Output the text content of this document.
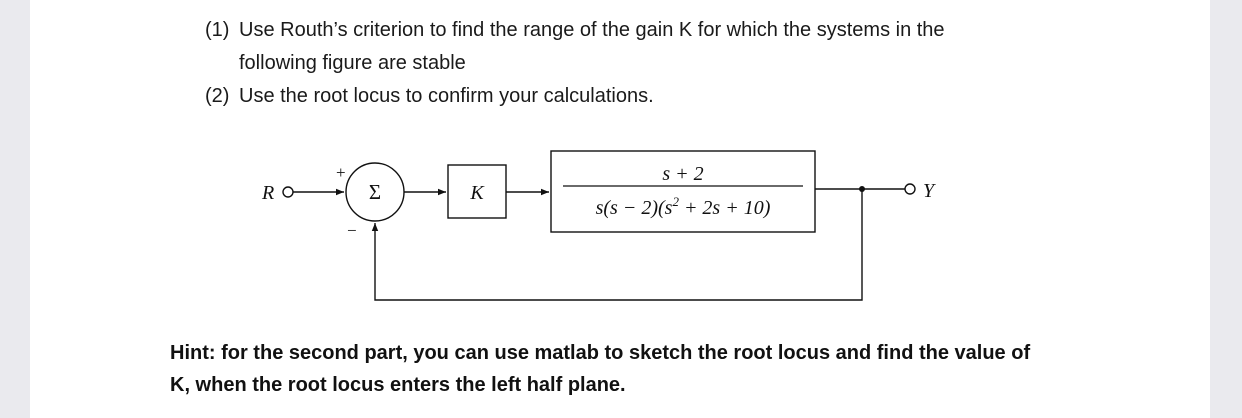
(1) Use Routh’s criterion to find the range of the gain K for which the systems in the
following figure are stable
(2) Use the root locus to confirm your calculations.
R	Σ
+
−
K
s + 2
$s(s - 2)(s^2 + 2s + 10)$
Y
Hint: for the second part, you can use matlab to sketch the root locus and find the value of K, when the root locus enters the left half plane.
